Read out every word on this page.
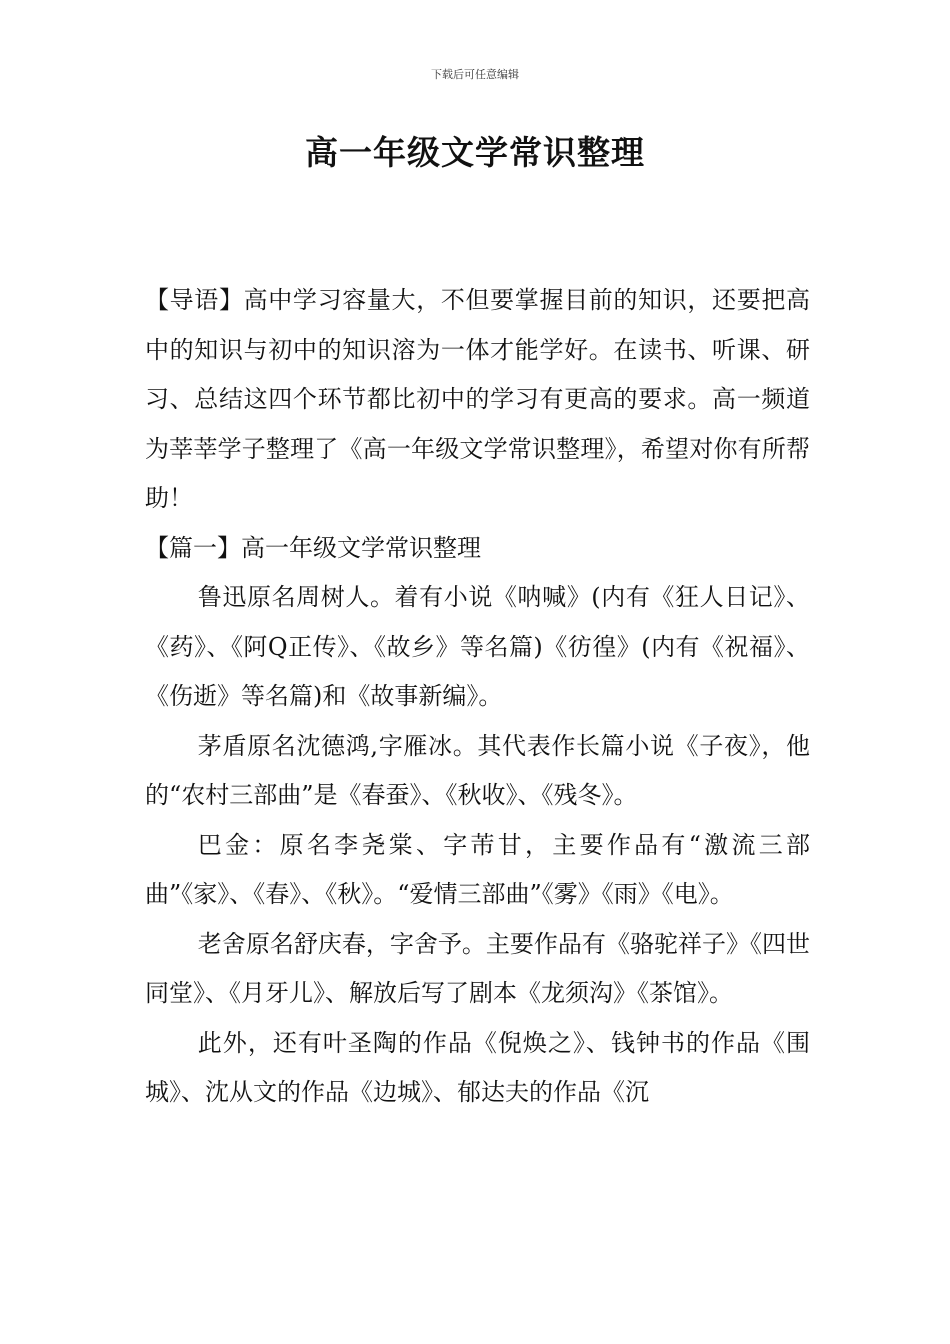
下载后可任意编辑
高一年级文学常识整理

【导语】高中学习容量大，不但要掌握目前的知识，还要把高中的知识与初中的知识溶为一体才能学好。在读书、听课、研习、总结这四个环节都比初中的学习有更高的要求。高一频道为莘莘学子整理了《高一年级文学常识整理》，希望对你有所帮助！

【篇一】高一年级文学常识整理

鲁迅原名周树人。着有小说《呐喊》(内有《狂人日记》、《药》、《阿Q正传》、《故乡》等名篇)《彷徨》(内有《祝福》、《伤逝》等名篇)和《故事新编》。

茅盾原名沈德鸿,字雁冰。其代表作长篇小说《子夜》，他的“农村三部曲”是《春蚕》、《秋收》、《残冬》。

巴金：原名李尧棠、字芾甘，主要作品有“激流三部曲”《家》、《春》、《秋》。“爱情三部曲”《雾》《雨》《电》。

老舍原名舒庆春，字舍予。主要作品有《骆驼祥子》《四世同堂》、《月牙儿》、解放后写了剧本《龙须沟》《茶馆》。

此外，还有叶圣陶的作品《倪焕之》、钱钟书的作品《围城》、沈从文的作品《边城》、郁达夫的作品《沉
